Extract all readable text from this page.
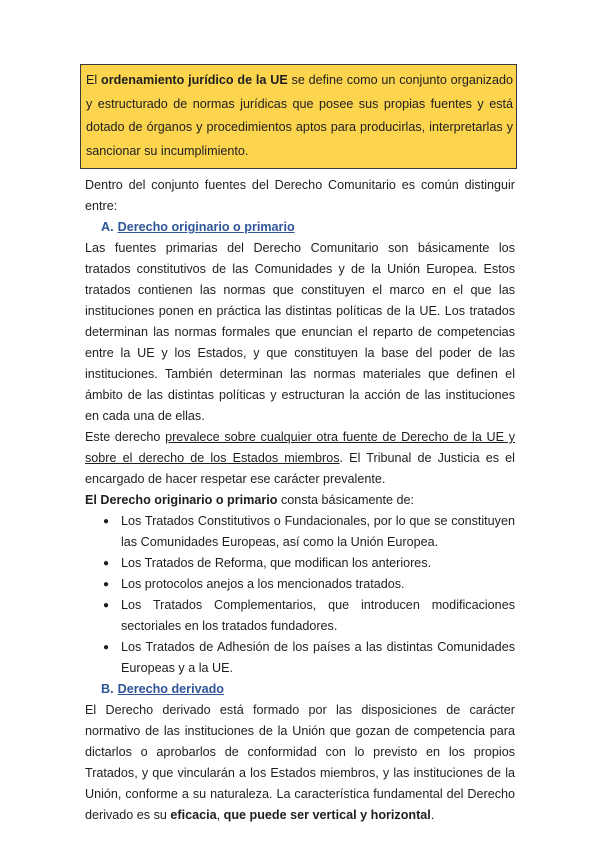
El ordenamiento jurídico de la UE se define como un conjunto organizado y estructurado de normas jurídicas que posee sus propias fuentes y está dotado de órganos y procedimientos aptos para producirlas, interpretarlas y sancionar su incumplimiento.

Dentro del conjunto fuentes del Derecho Comunitario es común distinguir entre:

A. Derecho originario o primario

Las fuentes primarias del Derecho Comunitario son básicamente los tratados constitutivos de las Comunidades y de la Unión Europea. Estos tratados contienen las normas que constituyen el marco en el que las instituciones ponen en práctica las distintas políticas de la UE. Los tratados determinan las normas formales que enuncian el reparto de competencias entre la UE y los Estados, y que constituyen la base del poder de las instituciones. También determinan las normas materiales que definen el ámbito de las distintas políticas y estructuran la acción de las instituciones en cada una de ellas.

Este derecho prevalece sobre cualquier otra fuente de Derecho de la UE y sobre el derecho de los Estados miembros. El Tribunal de Justicia es el encargado de hacer respetar ese carácter prevalente.

El Derecho originario o primario consta básicamente de:

● Los Tratados Constitutivos o Fundacionales, por lo que se constituyen las Comunidades Europeas, así como la Unión Europea.
● Los Tratados de Reforma, que modifican los anteriores.
● Los protocolos anejos a los mencionados tratados.
● Los Tratados Complementarios, que introducen modificaciones sectoriales en los tratados fundadores.
● Los Tratados de Adhesión de los países a las distintas Comunidades Europeas y a la UE.

B. Derecho derivado

El Derecho derivado está formado por las disposiciones de carácter normativo de las instituciones de la Unión que gozan de competencia para dictarlos o aprobarlos de conformidad con lo previsto en los propios Tratados, y que vincularán a los Estados miembros, y las instituciones de la Unión, conforme a su naturaleza. La característica fundamental del Derecho derivado es su eficacia, que puede ser vertical y horizontal.
